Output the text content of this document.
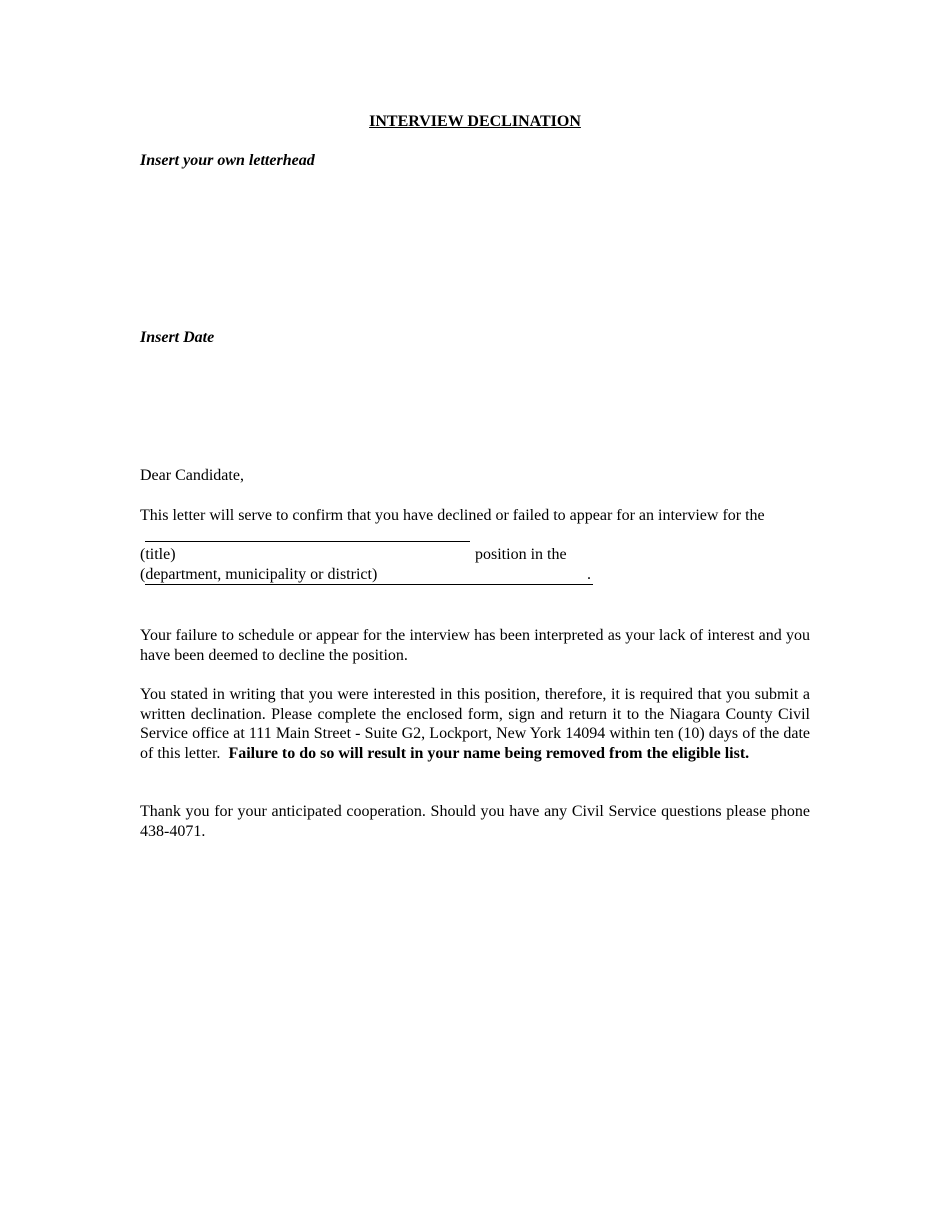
INTERVIEW DECLINATION
Insert your own letterhead
Insert Date
Dear Candidate,
This letter will serve to confirm that you have declined or failed to appear for an interview for the
(title)	position in the
(department, municipality or district)	.
Your failure to schedule or appear for the interview has been interpreted as your lack of interest and you have been deemed to decline the position.
You stated in writing that you were interested in this position, therefore, it is required that you submit a written declination. Please complete the enclosed form, sign and return it to the Niagara County Civil Service office at 111 Main Street - Suite G2, Lockport, New York 14094 within ten (10) days of the date of this letter. Failure to do so will result in your name being removed from the eligible list.
Thank you for your anticipated cooperation. Should you have any Civil Service questions please phone 438-4071.
